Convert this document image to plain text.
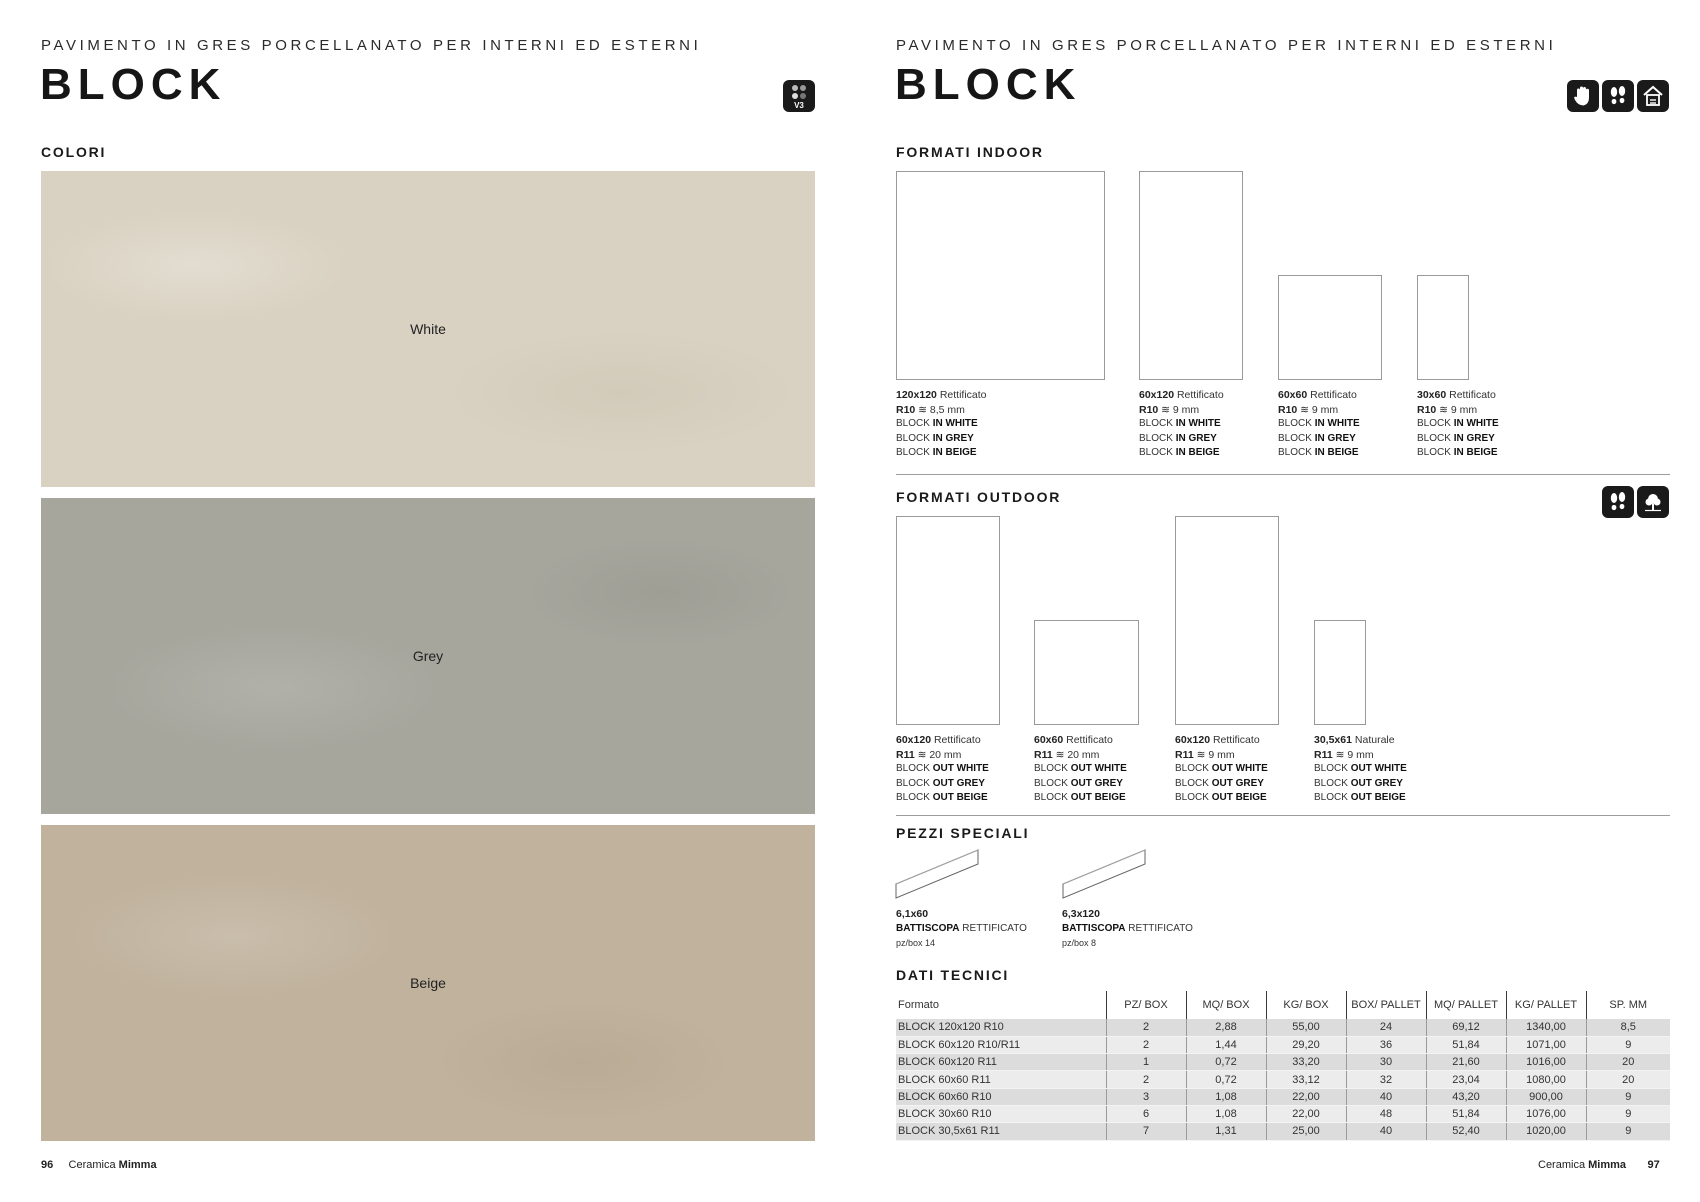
PAVIMENTO IN GRES PORCELLANATO PER INTERNI ED ESTERNI
BLOCK	V3
COLORI
White
Grey
Beige
96 Ceramica Mimma
PAVIMENTO IN GRES PORCELLANATO PER INTERNI ED ESTERNI
BLOCK
FORMATI INDOOR
120x120 Rettificato
R10 ≋ 8,5 mm
BLOCK IN WHITE
BLOCK IN GREY
BLOCK IN BEIGE
60x120 Rettificato
R10 ≋ 9 mm
BLOCK IN WHITE
BLOCK IN GREY
BLOCK IN BEIGE
60x60 Rettificato
R10 ≋ 9 mm
BLOCK IN WHITE
BLOCK IN GREY
BLOCK IN BEIGE
30x60 Rettificato
R10 ≋ 9 mm
BLOCK IN WHITE
BLOCK IN GREY
BLOCK IN BEIGE
FORMATI OUTDOOR
60x120 Rettificato
R11 ≋ 20 mm
BLOCK OUT WHITE
BLOCK OUT GREY
BLOCK OUT BEIGE
60x60 Rettificato
R11 ≋ 20 mm
BLOCK OUT WHITE
BLOCK OUT GREY
BLOCK OUT BEIGE
60x120 Rettificato
R11 ≋ 9 mm
BLOCK OUT WHITE
BLOCK OUT GREY
BLOCK OUT BEIGE
30,5x61 Naturale
R11 ≋ 9 mm
BLOCK OUT WHITE
BLOCK OUT GREY
BLOCK OUT BEIGE
PEZZI SPECIALI
6,1x60
BATTISCOPA RETTIFICATO
pz/box 14
6,3x120
BATTISCOPA RETTIFICATO
pz/box 8
DATI TECNICI
Formato	PZ/ BOX	MQ/ BOX	KG/ BOX	BOX/ PALLET	MQ/ PALLET	KG/ PALLET	SP. MM
BLOCK 120x120 R10	2	2,88	55,00	24	69,12	1340,00	8,5
BLOCK 60x120 R10/R11	2	1,44	29,20	36	51,84	1071,00	9
BLOCK 60x120 R11	1	0,72	33,20	30	21,60	1016,00	20
BLOCK 60x60 R11	2	0,72	33,12	32	23,04	1080,00	20
BLOCK 60x60 R10	3	1,08	22,00	40	43,20	900,00	9
BLOCK 30x60 R10	6	1,08	22,00	48	51,84	1076,00	9
BLOCK 30,5x61 R11	7	1,31	25,00	40	52,40	1020,00	9
Ceramica Mimma 97
